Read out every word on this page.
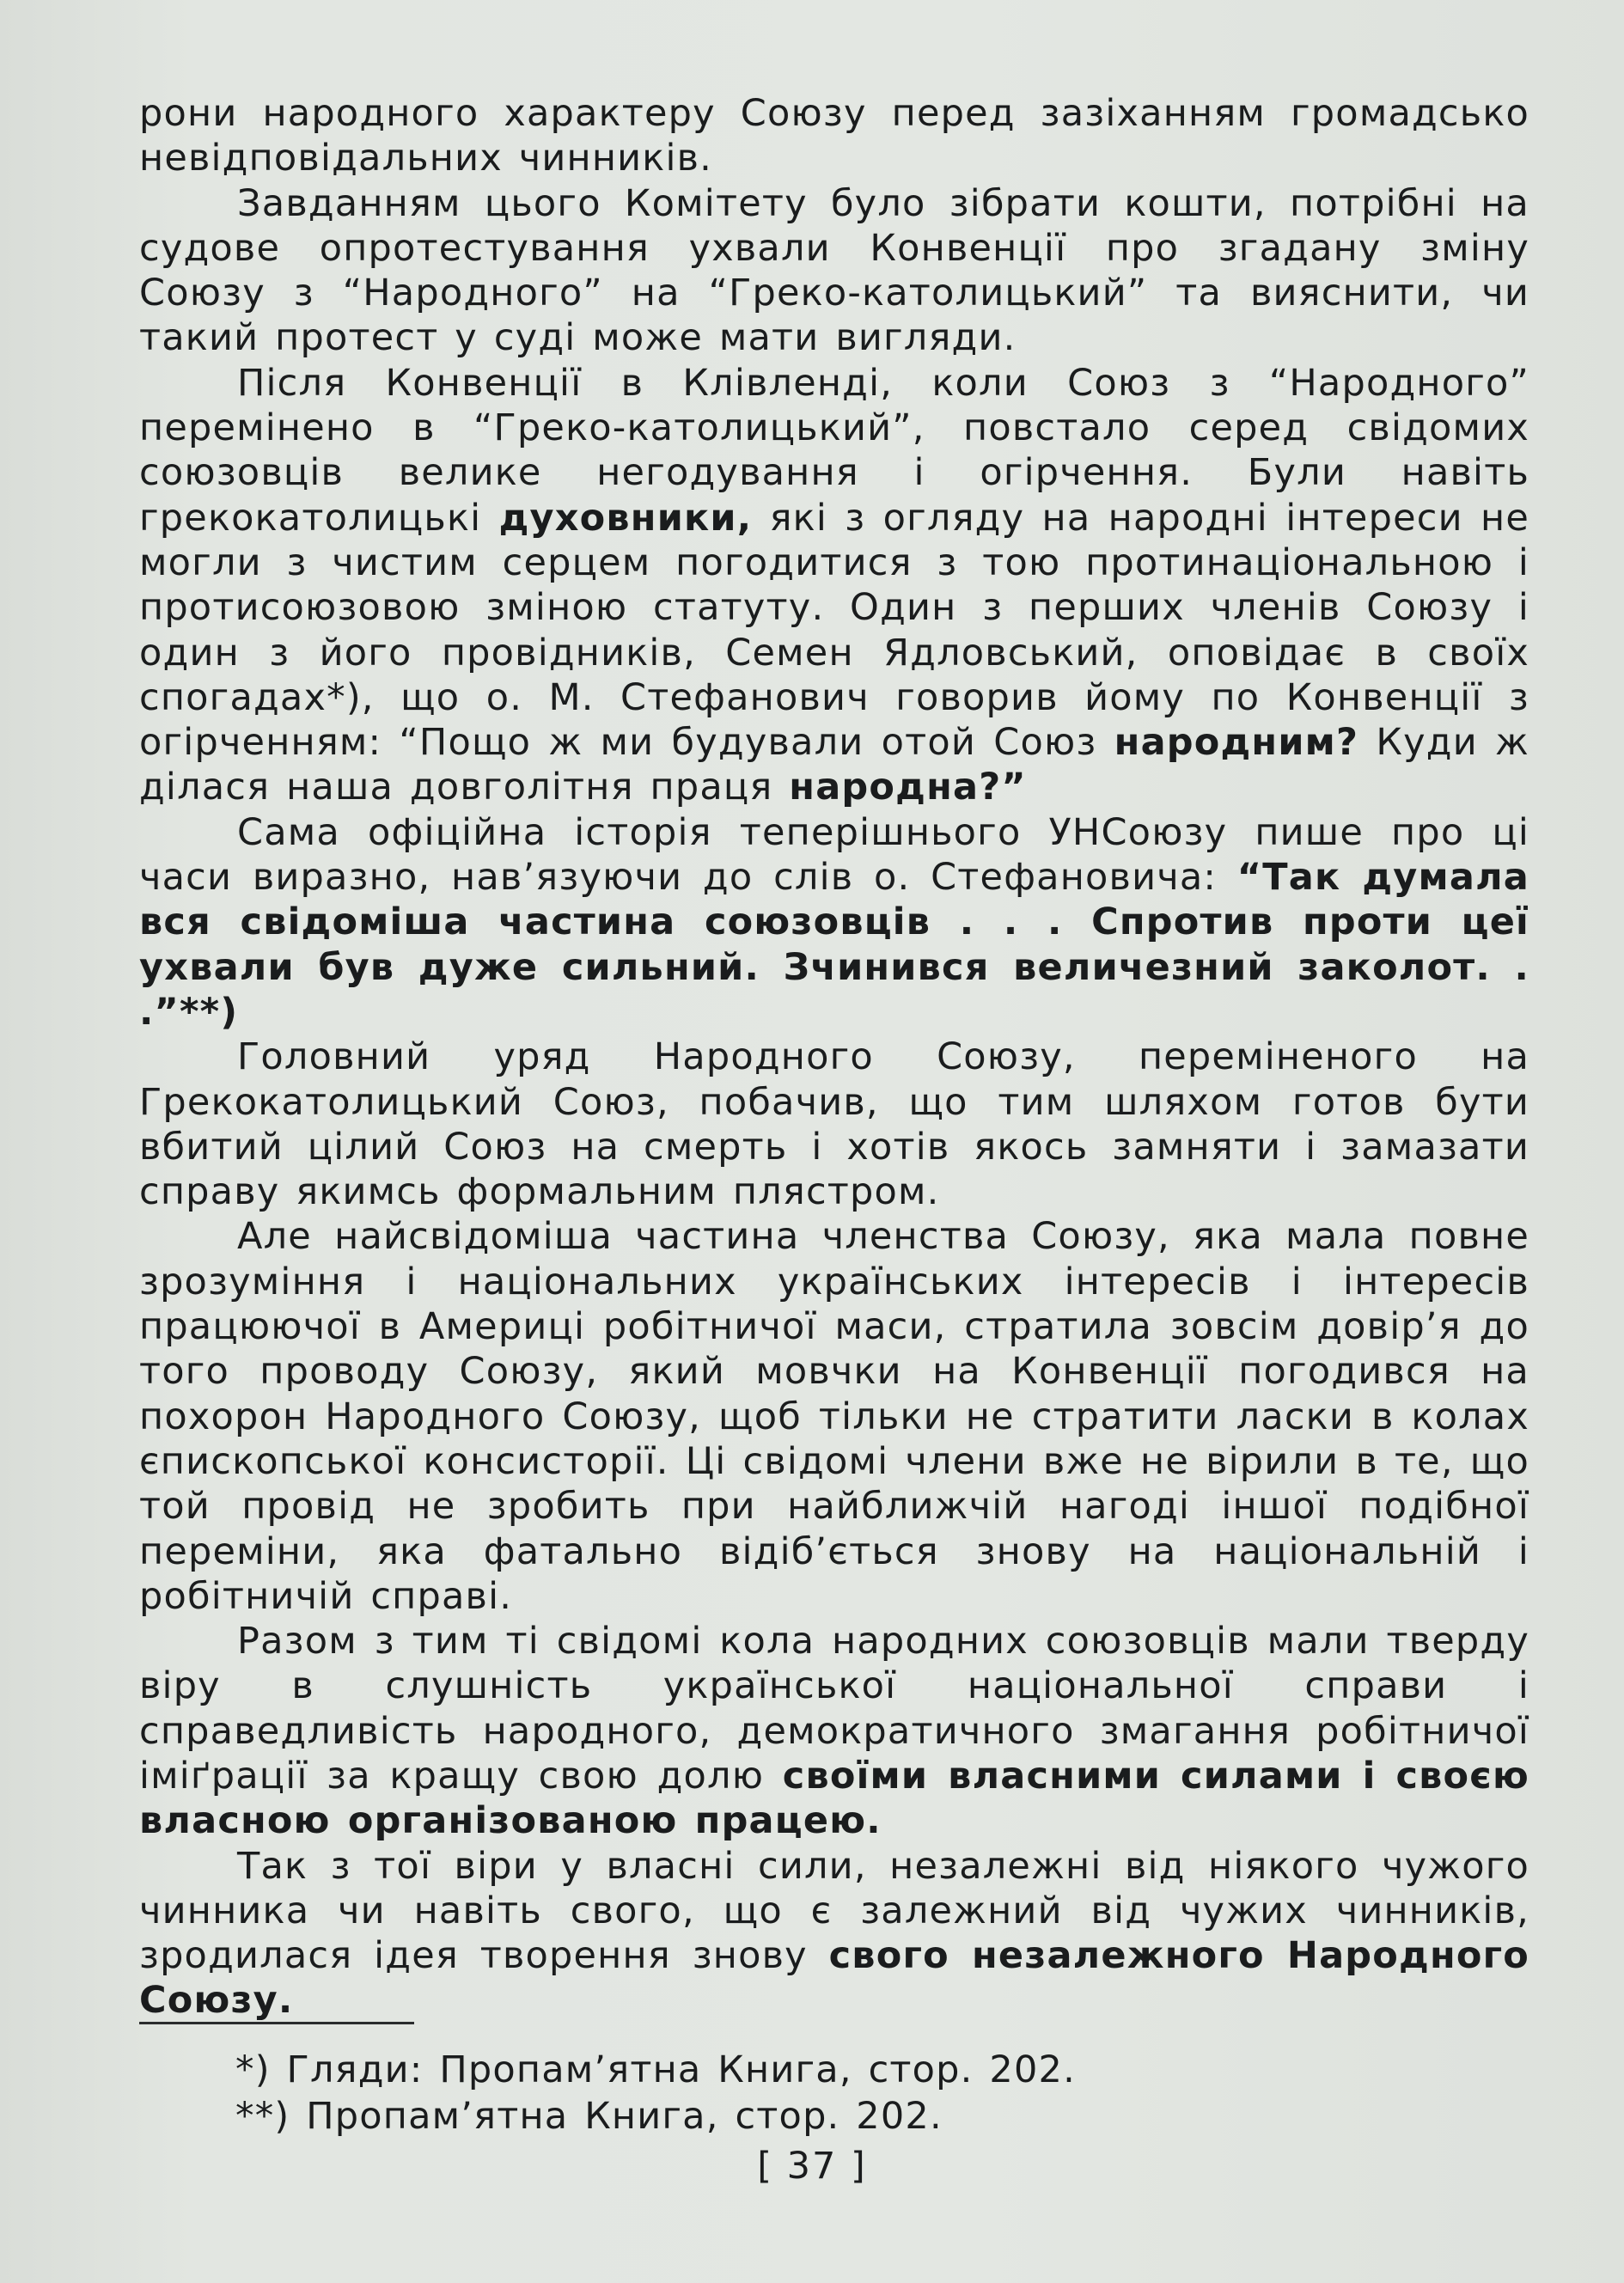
рони народного характеру Союзу перед зазіханням громадсько невідповідальних чинників.

Завданням цього Комітету було зібрати кошти, потрібні на судове опротестування ухвали Конвенції про згадану зміну Союзу з “Народного” на “Греко-католицький” та вияснити, чи такий протест у суді може мати вигляди.

Після Конвенції в Клівленді, коли Союз з “Народного” перемінено в “Греко-католицький”, повстало серед свідомих союзовців велике негодування і огірчення. Були навіть грекокатолицькі духовники, які з огляду на народні інтереси не могли з чистим серцем погодитися з тою протинаціональною і протисоюзовою зміною статуту. Один з перших членів Союзу і один з його провідників, Семен Ядловський, оповідає в своїх спогадах*), що о. М. Стефанович говорив йому по Конвенції з огірченням: “Пощо ж ми будували отой Союз народним? Куди ж ділася наша довголітня праця народна?”

Сама офіційна історія теперішнього УНСоюзу пише про ці часи виразно, нав’язуючи до слів о. Стефановича: “Так думала вся свідоміша частина союзовців . . . Спротив проти цеї ухвали був дуже сильний. Зчинився величезний заколот. . .”**)

Головний уряд Народного Союзу, переміненого на Грекокатолицький Союз, побачив, що тим шляхом готов бути вбитий цілий Союз на смерть і хотів якось замняти і замазати справу якимсь формальним плястром.

Але найсвідоміша частина членства Союзу, яка мала повне зрозуміння і національних українських інтересів і інтересів працюючої в Америці робітничої маси, стратила зовсім довір’я до того проводу Союзу, який мовчки на Конвенції погодився на похорон Народного Союзу, щоб тільки не стратити ласки в колах єпископської консисторії. Ці свідомі члени вже не вірили в те, що той провід не зробить при найближчій нагоді іншої подібної переміни, яка фатально відіб’ється знову на національній і робітничій справі.

Разом з тим ті свідомі кола народних союзовців мали тверду віру в слушність української національної справи і справедливість народного, демократичного змагання робітничої іміґрації за кращу свою долю своїми власними силами і своєю власною організованою працею.

Так з тої віри у власні сили, незалежні від ніякого чужого чинника чи навіть свого, що є залежний від чужих чинників, зродилася ідея творення знову свого незалежного Народного Союзу.

*) Гляди: Пропам’ятна Книга, стор. 202.

**) Пропам’ятна Книга, стор. 202.

[ 37 ]
